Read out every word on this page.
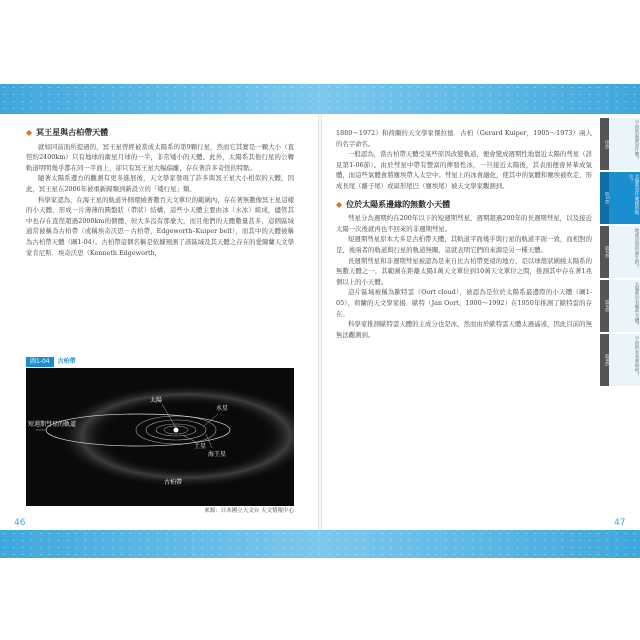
◆ 冥王星與古柏帶天體

就如同前面所提過的，冥王星曾經被當成太陽系的第9顆行星，然而它其實是一顆大小（直徑約2400km）只有地球的衛星月球的一半，非常矮小的天體。此外，太陽系其他行星的公轉軌道明明幾乎都在同一平面上，卻只有冥王星大幅偏離，存在著許多奇怪的特點。

隨著太陽系邊方的觀測有更多進展後，天文學家發現了許多與冥王星大小相似的天體，因此，冥王星在2006年被重新歸類到新設立的「矮行星」類。

科學家認為，在海王星的軌道外側環繞著數百天文單位的範圍內，存在著無數像冥王星這樣的小天體，形成一片薄薄的圓盤狀（帶狀）結構，這些小天體主要由冰（水冰）組成，儘管其中也存在直徑超過2000km的個體，但大多沒有那麼大，而且他們的天體數量甚多，這個區域通常被稱為古柏帶（或稱埃奇沃思－古柏帶，Edgeworth–Kuiper belt），而其中的天體被稱為古柏帶天體（圖1-04）。古柏帶這個名稱是依據預測了該區域及其天體之存在的愛爾蘭天文學家肯尼斯．埃奇沃思（Kenneth Edgeworth，

圖1-04	古柏帶
太陽
水星
土星
海王星
短週期彗星的軌道
古柏帶
來源：日本國立天文台 天文情報中心
46

1880～1972）和荷蘭的天文學家傑拉德．古柏（Gerard Kuiper，1905～1973）兩人的名字命名。

一般認為，當古柏帶天體受某些原因改變軌道，便會變成週期性地靠近太陽的彗星（詳見第1-06節）。由於彗星中帶有豐富的揮發性冰，一旦接近太陽後，其表面便會昇華成氣體，而這些氣體會將塵埃帶入太空中。彗星上的冰會融化，使其中的氣體和塵埃被吹走，形成長尾（離子尾）或扇形尾巴（塵埃尾）被天文學家觀測到。

◆ 位於太陽系邊緣的無數小天體

彗星分為週期約在200年以下的短週期彗星，週期超過200年的長週期彗星，以及接近太陽一次後就再也不回來的非週期彗星。

短週期彗星原本大多是古柏帶天體，其軌道平面幾乎與行星的軌道平面一致，而相對的是，後兩者的軌道與行星的軌道無關，這就表明它們的來源是另一種天體。

長週期彗星和非週期彗星被認為是來自比古柏帶更遠的地方，是以球殼狀圍繞太陽系的無數天體之一，其範圍在距離太陽1萬天文單位到10萬天文單位之間，推測其中存在著1兆個以上的小天體。

這片區域被稱為歐特雲（Oort cloud），被認為是位於太陽系最邊際的小天體（圖1-05），荷蘭的天文學家揚．歐特（Jan Oort，1900～1992）在1950年推測了歐特雲的存在。

科學家推測歐特雲天體的主成分也是冰，然而由於歐特雲天體太過遙遠，因此目前的無無法觀測到。

序章	宇宙的起源是什麼？
第1章	太陽系是什麼樣的地方？
第2章	地球是如何誕生的？
第3章	太陽系中有哪些天體？
第4章	宇宙的未來會如何？
47
